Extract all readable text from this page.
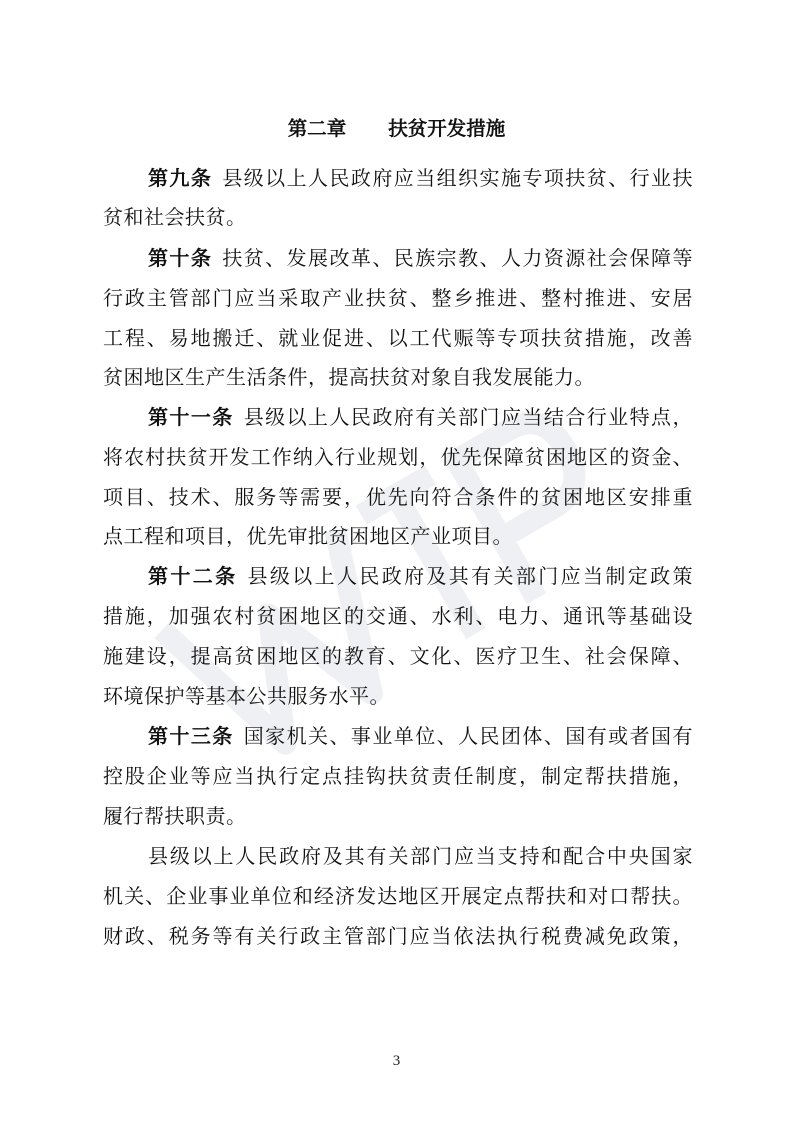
第二章 扶贫开发措施
第九条 县级以上人民政府应当组织实施专项扶贫、行业扶
贫和社会扶贫。
第十条 扶贫、发展改革、民族宗教、人力资源社会保障等
行政主管部门应当采取产业扶贫、整乡推进、整村推进、安居
工程、易地搬迁、就业促进、以工代赈等专项扶贫措施，改善
贫困地区生产生活条件，提高扶贫对象自我发展能力。
第十一条 县级以上人民政府有关部门应当结合行业特点，
将农村扶贫开发工作纳入行业规划，优先保障贫困地区的资金、
项目、技术、服务等需要，优先向符合条件的贫困地区安排重
点工程和项目，优先审批贫困地区产业项目。
第十二条 县级以上人民政府及其有关部门应当制定政策
措施，加强农村贫困地区的交通、水利、电力、通讯等基础设
施建设，提高贫困地区的教育、文化、医疗卫生、社会保障、
环境保护等基本公共服务水平。
第十三条 国家机关、事业单位、人民团体、国有或者国有
控股企业等应当执行定点挂钩扶贫责任制度，制定帮扶措施，
履行帮扶职责。
县级以上人民政府及其有关部门应当支持和配合中央国家
机关、企业事业单位和经济发达地区开展定点帮扶和对口帮扶。
财政、税务等有关行政主管部门应当依法执行税费减免政策，
3
